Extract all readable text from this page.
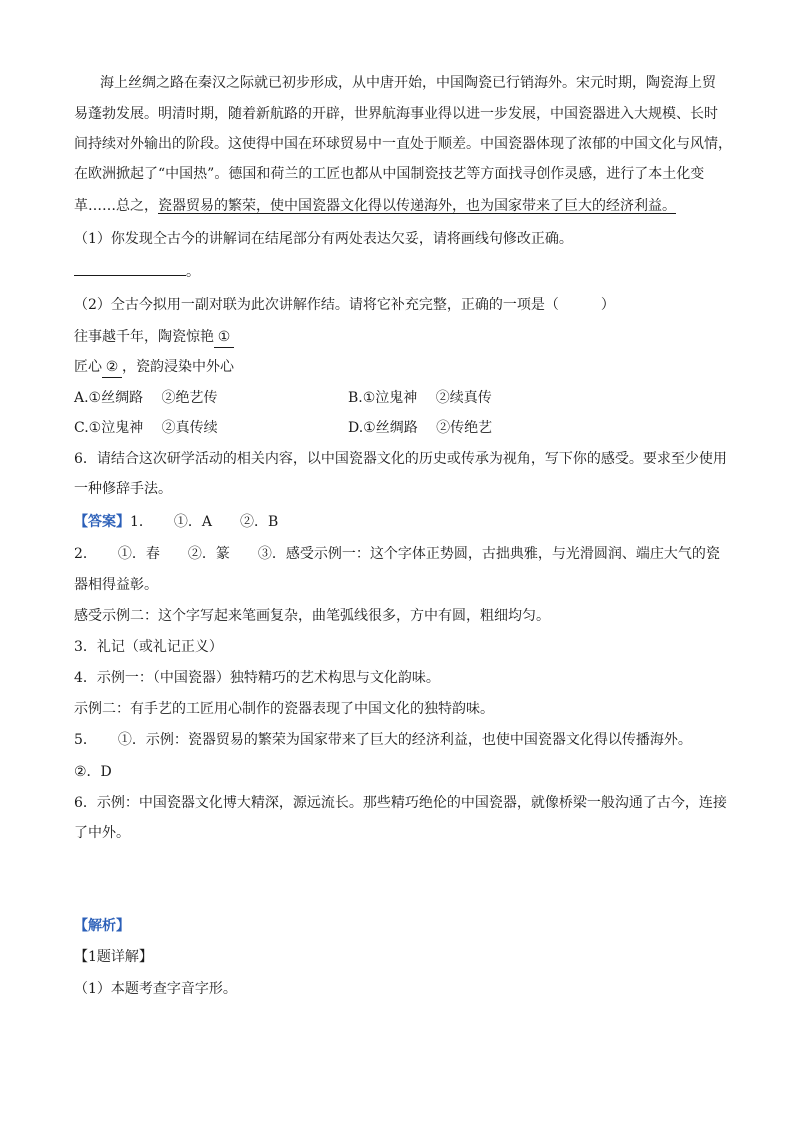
海上丝绸之路在秦汉之际就已初步形成，从中唐开始，中国陶瓷已行销海外。宋元时期，陶瓷海上贸
易蓬勃发展。明清时期，随着新航路的开辟，世界航海事业得以进一步发展，中国瓷器进入大规模、长时
间持续对外输出的阶段。这使得中国在环球贸易中一直处于顺差。中国瓷器体现了浓郁的中国文化与风情，
在欧洲掀起了“中国热”。德国和荷兰的工匠也都从中国制瓷技艺等方面找寻创作灵感，进行了本土化变
革……总之，瓷器贸易的繁荣，使中国瓷器文化得以传递海外，也为国家带来了巨大的经济利益。
（1）你发现仝古今的讲解词在结尾部分有两处表达欠妥，请将画线句修改正确。
。
（2）仝古今拟用一副对联为此次讲解作结。请将它补充完整，正确的一项是（　　　）
往事越千年，陶瓷惊艳 ①
匠心 ② ，瓷韵浸染中外心
A.①丝绸路　 ②绝艺传	B.①泣鬼神　 ②续真传
C.①泣鬼神　 ②真传续	D.①丝绸路　 ②传绝艺
6．请结合这次研学活动的相关内容，以中国瓷器文化的历史或传承为视角，写下你的感受。要求至少使用
一种修辞手法。
【答案】1．　　①．A　　②．B
2．　　①．春　　②．篆　　③．感受示例一：这个字体正势圆，古拙典雅，与光滑圆润、端庄大气的瓷
器相得益彰。
感受示例二：这个字写起来笔画复杂，曲笔弧线很多，方中有圆，粗细均匀。
3．礼记（或礼记正义）
4．示例一：（中国瓷器）独特精巧的艺术构思与文化韵味。
示例二：有手艺的工匠用心制作的瓷器表现了中国文化的独特韵味。
5．　　①．示例：瓷器贸易的繁荣为国家带来了巨大的经济利益，也使中国瓷器文化得以传播海外。
②．D
6．示例：中国瓷器文化博大精深，源远流长。那些精巧绝伦的中国瓷器，就像桥梁一般沟通了古今，连接
了中外。
【解析】
【1题详解】
（1）本题考查字音字形。
